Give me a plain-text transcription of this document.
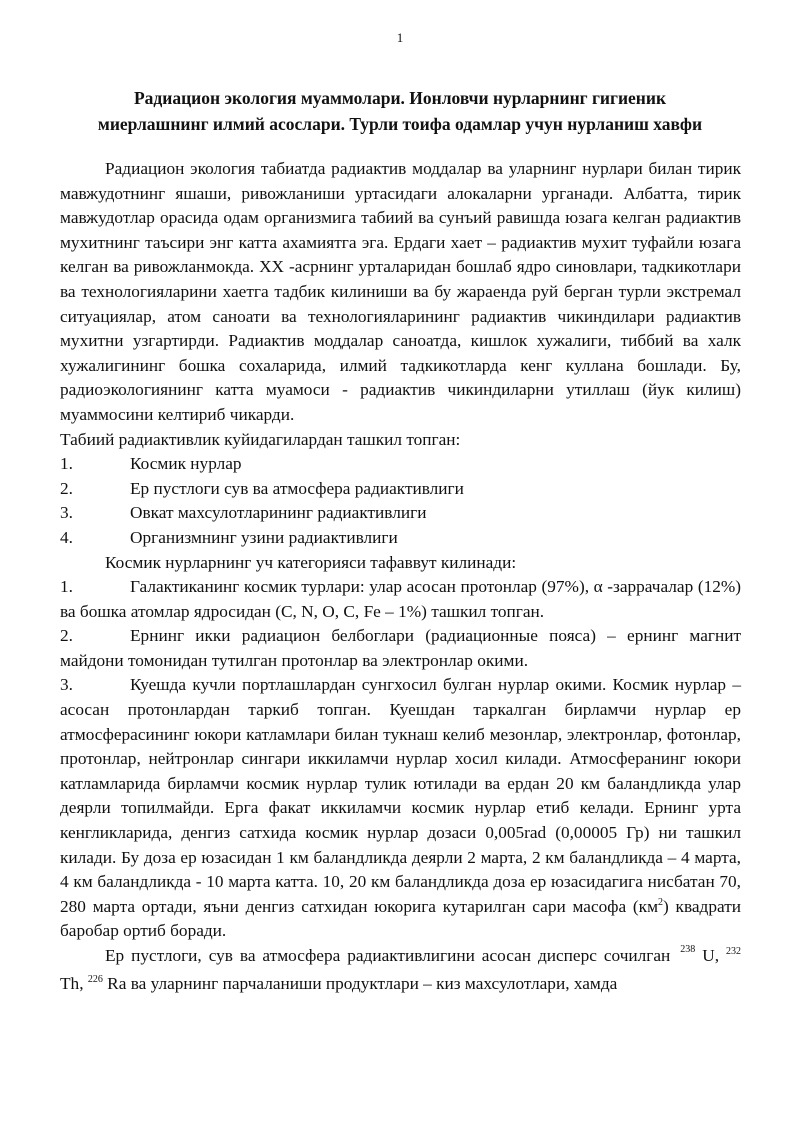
1
Радиацион экология муаммолари. Ионловчи нурларнинг гигиеник
миерлашнинг илмий асослари. Турли тоифа одамлар учун нурланиш хавфи

Радиацион экология табиатда радиактив моддалар ва уларнинг нурлари билан тирик мавжудотнинг яшаши, ривожланиши уртасидаги алокаларни урганади. Албатта, тирик мавжудотлар орасида одам организмига табиий ва сунъий равишда юзага келган радиактив мухитнинг таъсири энг катта ахамиятга эга. Ердаги хает – радиактив мухит туфайли юзага келган ва ривожланмокда. XX -асрнинг урталаридан бошлаб ядро синовлари, тадкикотлари ва технологияларини хаетга тадбик килиниши ва бу жараенда руй берган турли экстремал ситуациялар, атом саноати ва технологияларининг радиактив чикиндилари радиактив мухитни узгартирди. Радиактив моддалар саноатда, кишлок хужалиги, тиббий ва халк хужалигининг бошка сохаларида, илмий тадкикотларда кенг куллана бошлади. Бу, радиоэкологиянинг катта муамоси - радиактив чикиндиларни утиллаш (йук килиш) муаммосини келтириб чикарди.

Табиий радиактивлик куйидагилардан ташкил топган:

1.	Космик нурлар
2.	Ер пустлоги сув ва атмосфера радиактивлиги
3.	Овкат махсулотларининг радиактивлиги
4.	Организмнинг узини радиактивлиги

Космик нурларнинг уч категорияси тафаввут килинади:

1.	Галактиканинг космик турлари: улар асосан протонлар (97%), α -заррачалар (12%) ва бошка атомлар ядросидан (C, N, O, C, Fe – 1%) ташкил топган.

2.	Ернинг икки радиацион белбоглари (радиационные пояса) – ернинг магнит майдони томонидан тутилган протонлар ва электронлар окими.

3.	Куешда кучли портлашлардан сунгхосил булган нурлар окими. Космик нурлар – асосан протонлардан таркиб топган. Куешдан таркалган бирламчи нурлар ер атмосферасининг юкори катламлари билан тукнаш келиб мезонлар, электронлар, фотонлар, протонлар, нейтронлар сингари иккиламчи нурлар хосил килади. Атмосферанинг юкори катламларида бирламчи космик нурлар тулик ютилади ва ердан 20 км баландликда улар деярли топилмайди. Ерга факат иккиламчи космик нурлар етиб келади. Ернинг урта кенгликларида, денгиз сатхида космик нурлар дозаси 0,005rad (0,00005 Гр) ни ташкил килади. Бу доза ер юзасидан 1 км баландликда деярли 2 марта, 2 км баландликда – 4 марта, 4 км баландликда - 10 марта катта. 10, 20 км баландликда доза ер юзасидагига нисбатан 70, 280 марта ортади, яъни денгиз сатхидан юкорига кутарилган сари масофа $(км^2)$ квадрати баробар ортиб боради.

Ер пустлоги, сув ва атмосфера радиактивлигини асосан дисперс сочилган $^{238}$ U, $^{232}$ Th, $^{226}$ Ra ва уларнинг парчаланиши продуктлари – киз махсулотлари, хамда
